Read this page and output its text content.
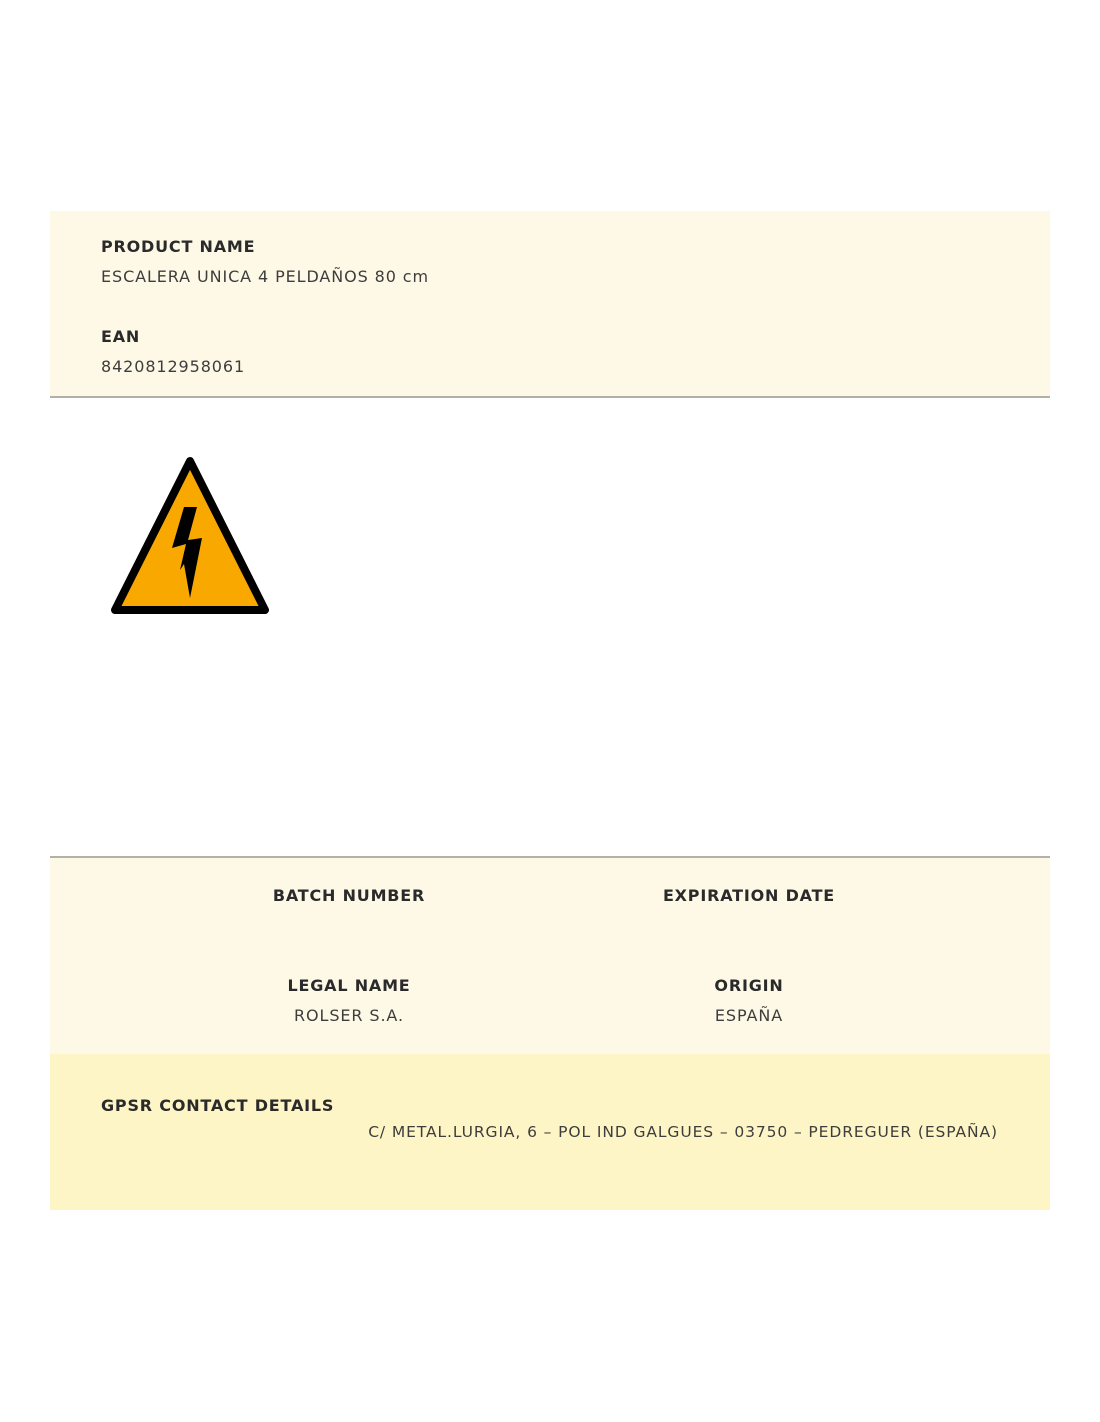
PRODUCT NAME
ESCALERA UNICA 4 PELDAÑOS 80 cm
EAN
8420812958061
BATCH NUMBER	EXPIRATION DATE
LEGAL NAME
ROLSER S.A.
ORIGIN
ESPAÑA
GPSR CONTACT DETAILS
C/ METAL.LURGIA, 6 – POL IND GALGUES – 03750 – PEDREGUER (ESPAÑA)
